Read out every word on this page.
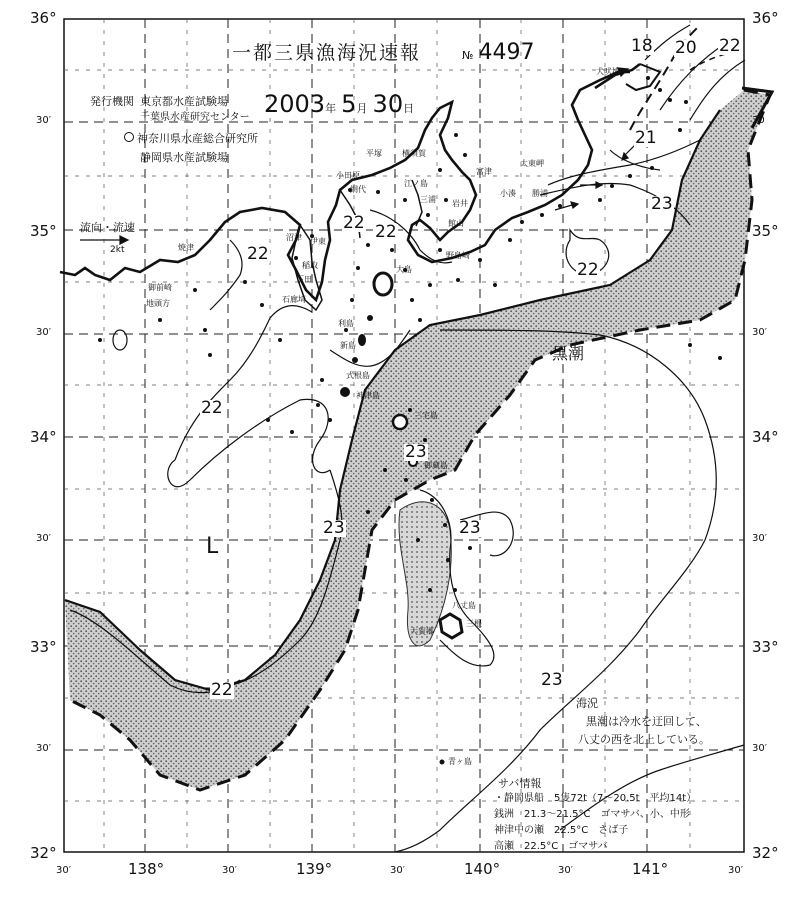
一都三県漁海況速報	№ 4497
発行機関 東京都水産試験場
千葉県水産研究センター
神奈川県水産総合研究所
静岡県水産試験場
2003年 5月 30日
流向・流速
2kt
36°
30′
35°
30′
34°
30′
33°
30′
32°
36°
30
35°
30′
34°
30′
33°
30′
32°
30′	138°	30′	139°	30′	140°	30′	141°	30′
犬吠埼
平塚	横須賀
富津
太東岬
小田原
勝浦
焼津
沼津 伊東
網代
稲取
下田
館山
野島崎
小湊
御前崎
地頭方	石廊埼
利島
新島
式根島
神津島
三宅島
御蔵島
八丈島
三根
大賀郷
青ヶ島
大島
江ノ島
三浦 岩井
18 20 22
21
23
22
22 22
22
22
23
23	23
23
22
黒潮
L
海況
黒潮は冷水を迂回して、
八丈の西を北上している。
サバ情報
・静岡県船　5隻72t（7～20.5t　平均14t）
銭洲　21.3～21.5°C　ゴマサバ、小、中形
神津中の瀬　22.5°C　さば子
高瀬　22.5°C　ゴマサバ
